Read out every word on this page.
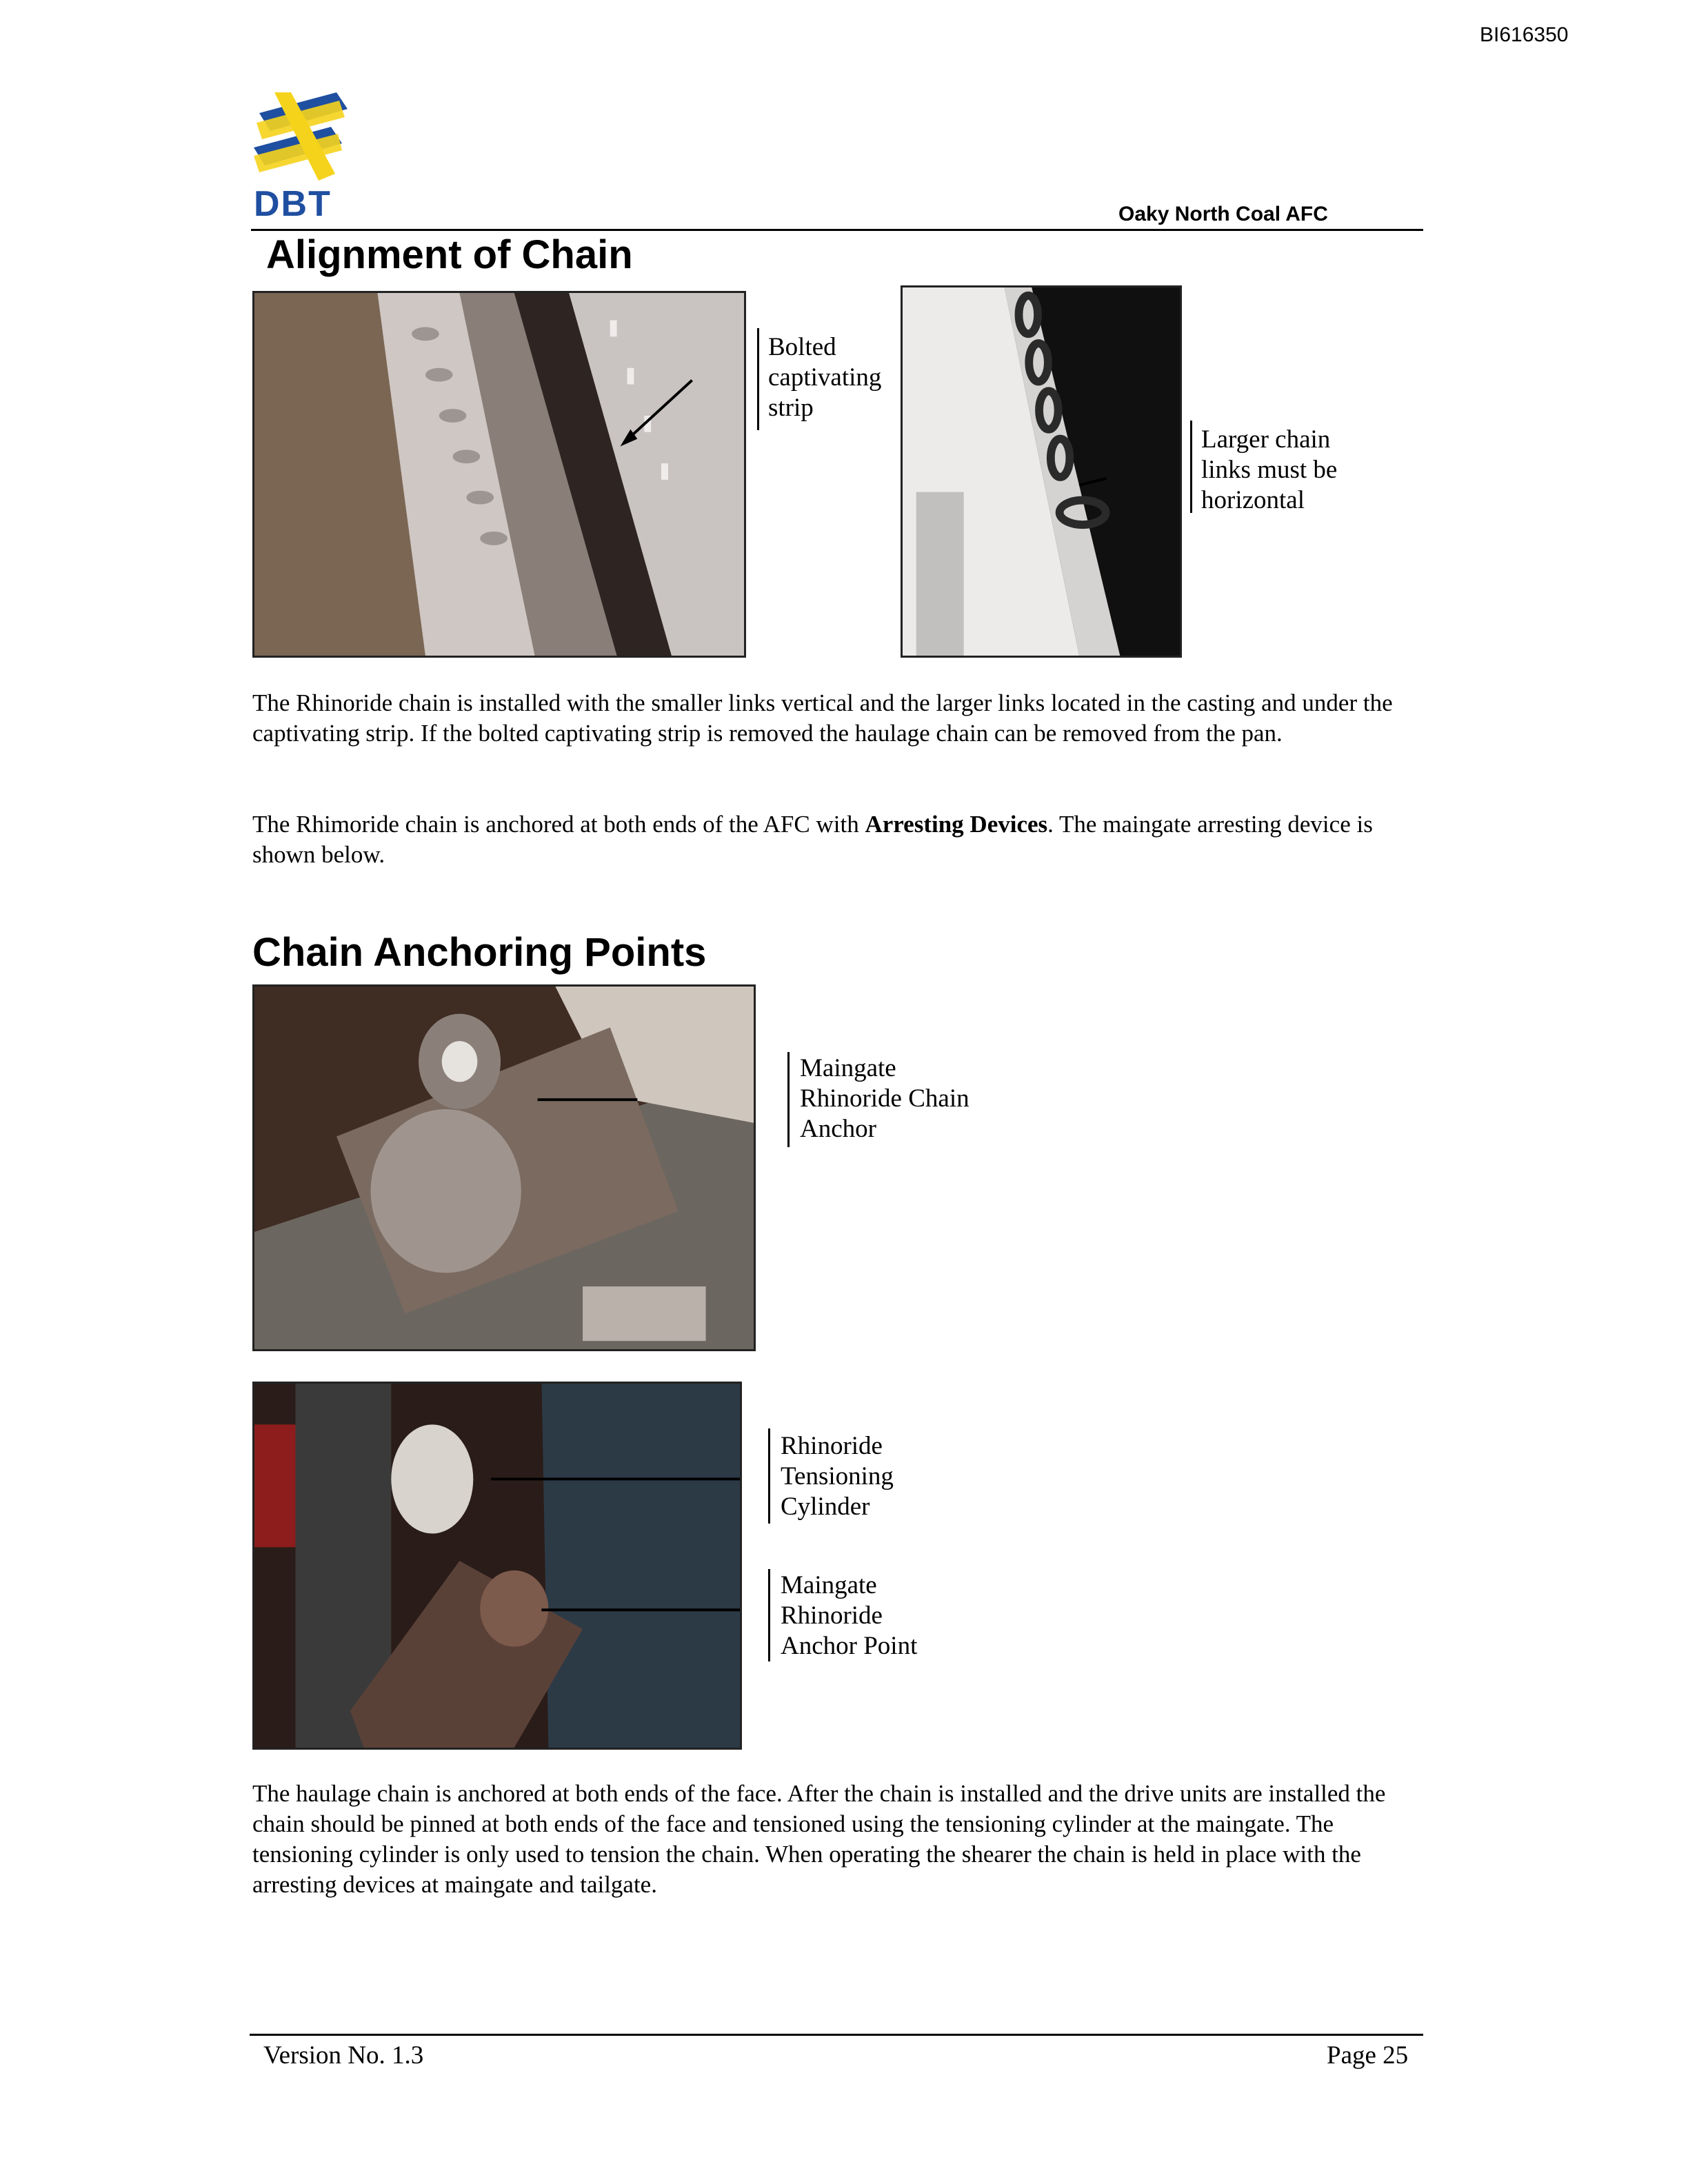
BI616350
DBT	Oaky North Coal AFC
Alignment of Chain
Bolted
captivating
strip
Larger chain
links must be
horizontal

The Rhinoride chain is installed with the smaller links vertical and the larger links located in the casting and under the captivating strip. If the bolted captivating strip is removed the haulage chain can be removed from the pan.

The Rhimoride chain is anchored at both ends of the AFC with Arresting Devices. The maingate arresting device is shown below.

Chain Anchoring Points
Maingate
Rhinoride Chain
Anchor
Rhinoride
Tensioning
Cylinder
Maingate
Rhinoride
Anchor Point

The haulage chain is anchored at both ends of the face. After the chain is installed and the drive units are installed the chain should be pinned at both ends of the face and tensioned using the tensioning cylinder at the maingate. The tensioning cylinder is only used to tension the chain. When operating the shearer the chain is held in place with the arresting devices at maingate and tailgate.

Version No. 1.3	Page 25
